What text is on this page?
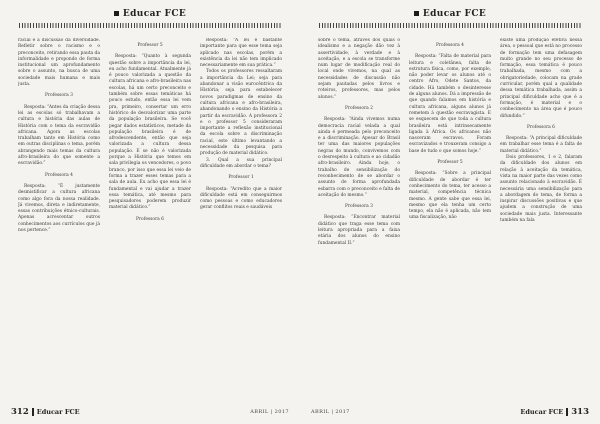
Educar FCE
racial e a discussão da diversidade. Refletir sobre o racismo e o preconceito, retirando essa pauta da informalidade e propondo de forma institucional um aprofundamento sobre o assunto, na busca de uma sociedade mais humana e mais justa.
Professora 3
Resposta: “Antes da criação dessa lei as escolas só trabalhavam a cultura e história das aulas de História com o tema da escravidão africana. Agora as escolas trabalham tanto em História como em outras disciplinas o tema, porém abrangendo mais temas da cultura afro-brasileira do que somente a escravidão.”
Professora 4
Resposta: “É justamente desmistificar a cultura africana como algo fora da nossa realidade. Já vivemos, direta e indiretamente, essas contribuições étnico-culturais. Apenas acrescentar outros conhecimentos aos currículos que já nos pertence.”
Professor 5
Resposta: “Quanto à segunda questão sobre a importância da lei, eu acho fundamental. Atualmente já é pouco valorizada a questão da cultura africana e afro-brasileira nas escolas, há um certo preconceito e também sobre essas temáticas há pouco estudo, então essa lei vem pra, primeiro, consertar um erro histórico de desvalorizar uma parte da população brasileira. Se você pegar dados estatísticos, metade da população brasileira é de afrodescendente, então que seja valorizada a cultura dessa população. E se não é valorizada porque a História que temos em sala privilegia os vencedores, o povo branco, por isso que essa lei veio de forma a trazer esses temas para a sala de aula. Eu acho que essa lei é fundamental e vai ajudar a trazer essa temática, até mesmo para pesquisadores poderem produzir material didático.”
Professora 6
Resposta: “A lei é bastante importante para que esse tema seja aplicado nas escolas, porém a existência da lei não tem implicado necessariamente em sua prática.”
Todos os professores ressaltaram a importância da Lei; seja para abandonar a visão eurocêntrica da História; seja para estabelecer novos paradigmas de ensino da cultura africana e afro-brasileira, abandonando o ensino da História a partir da escravidão. A professora 2 e o professor 5 consideraram importante a reflexão institucional da escola sobre a discriminação racial, este último levantando a necessidade da pesquisa para produção de material didático.
3. Qual a sua principal dificuldade em abordar o tema?
Professor 1
Resposta: “Acredito que a maior dificuldade está em conseguirmos como pessoas e como educadores gerar conflitos reais e saudáveis
312 Educar FCE	ABRIL | 2017
Educar FCE
sobre o tema, através dos quais o idealismo e a negação dão vez à assertividade, à verdade e à aceitação, e a escola se transforme num lugar de modificação real do local onde vivemos, na qual as necessidades de discussão não sejam pautadas pelos livros e roteiros, professores, mas pelos alunos.”
Professora 2
Resposta: “Ainda vivemos numa democracia racial velada a qual ainda é permeada pelo preconceito e a discriminação. Apesar do Brasil ter uma das maiores populações negras do mundo, convivemos com o desrespeito à cultura e ao cidadão afro-brasileiro. Ainda hoje, o trabalho de sensibilização do reconhecimento de se abordar o assunto de forma aprofundada esbarra com o preconceito e falta de aceitação do mesmo.”
Professora 3
Resposta: “Encontrar material didático que traga esse tema com leitura apropriada para a faixa etária dos alunos do ensino fundamental II.”
Professora 4
Resposta: “Falta de material para leitura e coletânea, falta de estrutura física, como, por exemplo, não poder levar os alunos até o centro Afro, Odete Santos, da cidade. Há também o desinteresse de alguns alunos. Dá a impressão de que quando falamos em história e cultura africana, alguns alunos já remetem à questão escravagista. E se esquecem de que toda a cultura brasileira está intrinsecamente ligada à África. Os africanos não nasceram escravos. Foram escravizados e trouxeram consigo a base de tudo o que somos hoje.”
Professor 5
Resposta: “Sobre a principal dificuldade de abordar é ter conhecimento do tema, ter acesso a material, competência técnica mesmo. A gente sabe que essa lei, mesmo que ela tenha um certo tempo, ela não é aplicada, não tem uma fiscalização, não
existe uma produção efetiva nessa área, o pessoal que está no processo de formação tem uma defasagem muito grande no seu processo de formação, essa temática é pouco trabalhada, mesmo com a obrigatoriedade, colocam na grade curricular, porém qual a qualidade dessa temática trabalhada, assim a principal dificuldade acho que é a formação, é material e o conhecimento na área que é pouco difundido.”
Professora 6
Resposta: “A principal dificuldade em trabalhar esse tema é a falta de material didático.”
Dois professores, 1 e 2, falaram da dificuldade dos alunos em relação à aceitação da temática, vista na maior parte das vezes como assunto relacionado à escravidão. É necessária uma sensibilização para a abordagem do tema, de forma a inspirar discussões positivas e que ajudem a construção de uma sociedade mais justa. Interessante também na fala
ABRIL | 2017	Educar FCE 313
